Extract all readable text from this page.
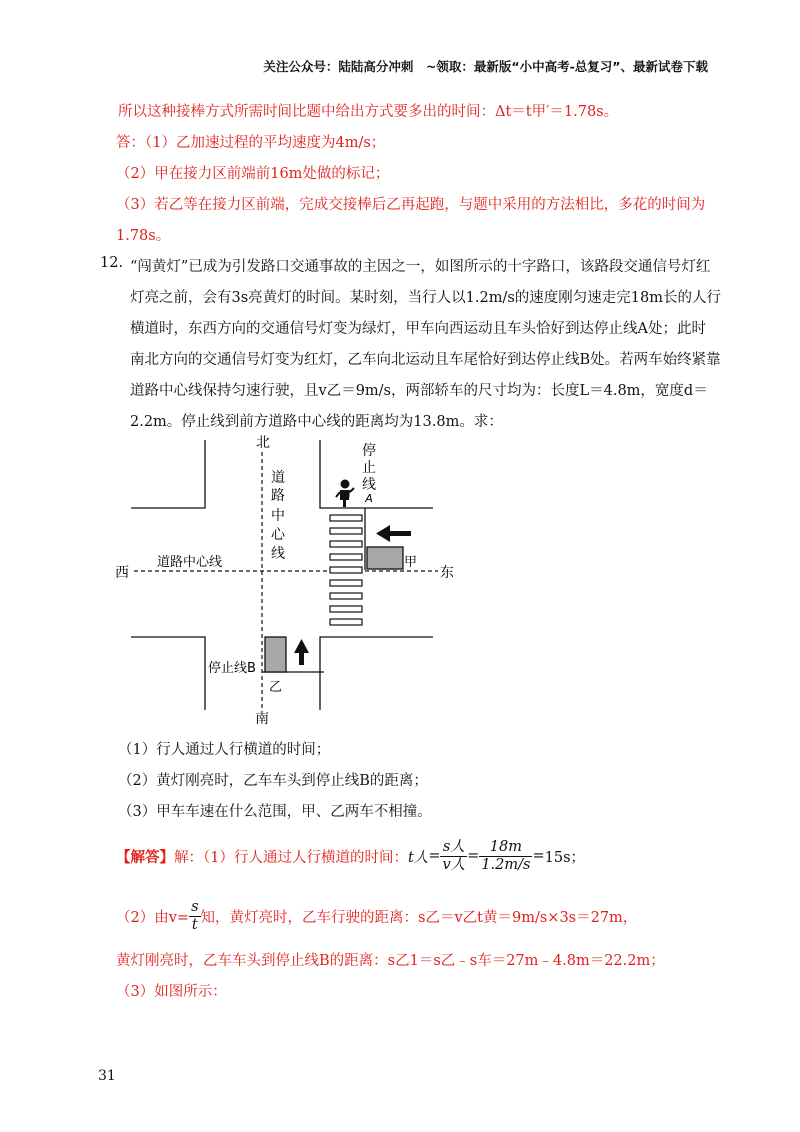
关注公众号：陆陆高分冲刺　~领取：最新版“小中高考-总复习”、最新试卷下载
所以这种接棒方式所需时间比题中给出方式要多出的时间：Δt＝t甲′＝1.78s。
答：（1）乙加速过程的平均速度为4m/s；
（2）甲在接力区前端前16m处做的标记；
（3）若乙等在接力区前端，完成交接棒后乙再起跑，与题中采用的方法相比，多花的时间为
1.78s。
12. “闯黄灯”已成为引发路口交通事故的主因之一，如图所示的十字路口，该路段交通信号灯红
灯亮之前，会有3s亮黄灯的时间。某时刻，当行人以1.2m/s的速度刚匀速走完18m长的人行
横道时，东西方向的交通信号灯变为绿灯，甲车向西运动且车头恰好到达停止线A处；此时
南北方向的交通信号灯变为红灯，乙车向北运动且车尾恰好到达停止线B处。若两车始终紧靠
道路中心线保持匀速行驶，且v乙＝9m/s，两部轿车的尺寸均为：长度L＝4.8m，宽度d＝
2.2m。停止线到前方道路中心线的距离均为13.8m。求：
北
南
西	东
道
路
中
心
线
道路中心线
停
止
线
A
停止线B
甲
乙
（1）行人通过人行横道的时间；
（2）黄灯刚亮时，乙车车头到停止线B的距离；
（3）甲车车速在什么范围，甲、乙两车不相撞。
【解答】 解：（1）行人通过人行横道的时间： t人 = $\frac{\text{s人}}{\text{v人}} = \frac{18m}{1.2m/s} = 15s$；
（2）由$v= \frac{s}{t}$ 知，黄灯亮时，乙车行驶的距离：s乙＝v乙t黄＝9m/s×3s＝27m，
黄灯刚亮时，乙车车头到停止线B的距离：s乙1＝s乙﹣s车＝27m﹣4.8m＝22.2m；
（3）如图所示：
31
